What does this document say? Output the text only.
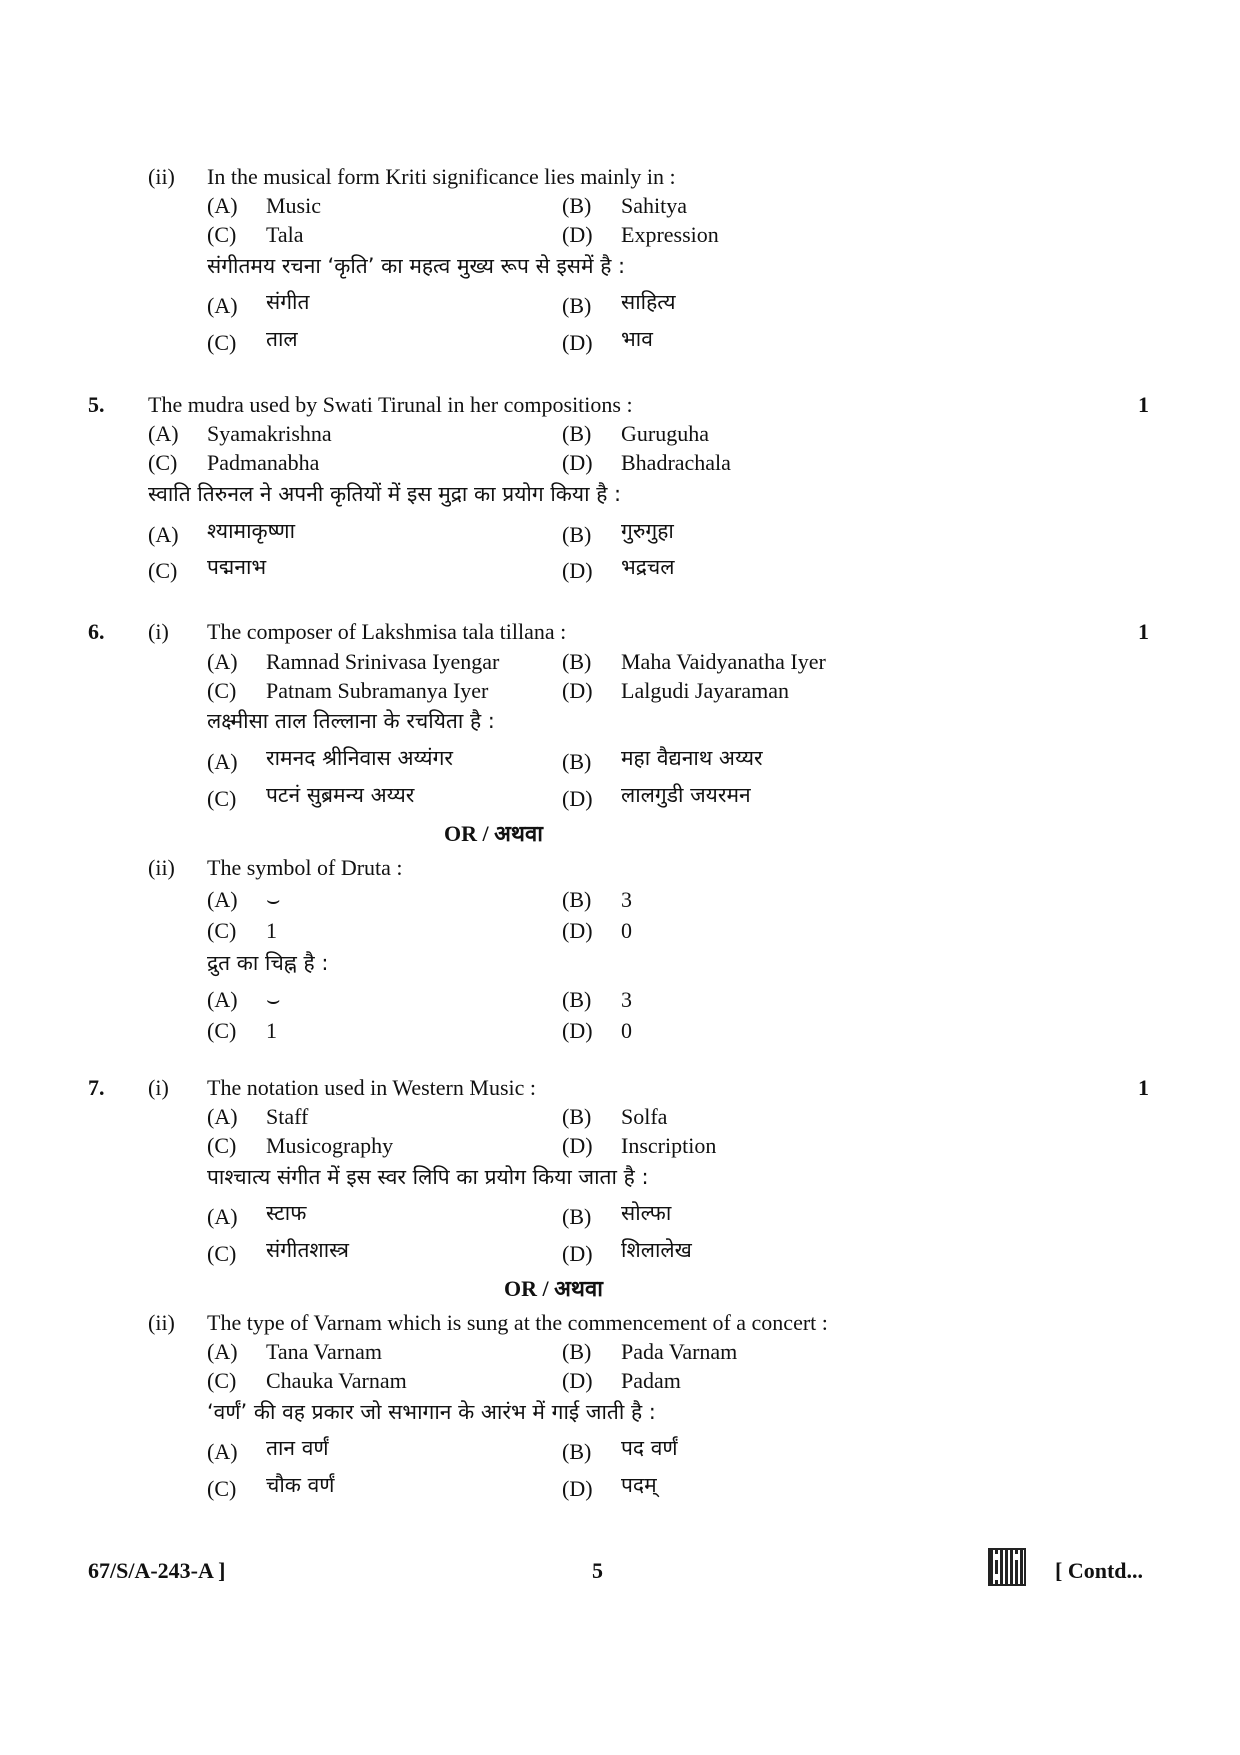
(ii) In the musical form Kriti significance lies mainly in :
(A) Music	(B) Sahitya
(C) Tala	(D) Expression
संगीतमय रचना ‘कृति’ का महत्व मुख्य रूप से इसमें है :
(A) संगीत	(B) साहित्य
(C) ताल	(D) भाव
5. The mudra used by Swati Tirunal in her compositions :	1
(A) Syamakrishna	(B) Guruguha
(C) Padmanabha	(D) Bhadrachala
स्वाति तिरुनल ने अपनी कृतियों में इस मुद्रा का प्रयोग किया है :
(A) श्यामाकृष्णा	(B) गुरुगुहा
(C) पद्मनाभ	(D) भद्रचल
6. (i) The composer of Lakshmisa tala tillana :	1
(A) Ramnad Srinivasa Iyengar	(B) Maha Vaidyanatha Iyer
(C) Patnam Subramanya Iyer	(D) Lalgudi Jayaraman
लक्ष्मीसा ताल तिल्लाना के रचयिता है :
(A) रामनद श्रीनिवास अय्यंगर	(B) महा वैद्यनाथ अय्यर
(C) पटनं सुब्रमन्य अय्यर	(D) लालगुडी जयरमन
OR / अथवा
(ii) The symbol of Druta :
(A) ⌣	(B) 3
(C) 1	(D) 0
द्रुत का चिह्न है :
(A) ⌣	(B) 3
(C) 1	(D) 0
7. (i) The notation used in Western Music :	1
(A) Staff	(B) Solfa
(C) Musicography	(D) Inscription
पाश्चात्य संगीत में इस स्वर लिपि का प्रयोग किया जाता है :
(A) स्टाफ	(B) सोल्फा
(C) संगीतशास्त्र	(D) शिलालेख
OR / अथवा
(ii) The type of Varnam which is sung at the commencement of a concert :
(A) Tana Varnam	(B) Pada Varnam
(C) Chauka Varnam	(D) Padam
‘वर्णं’ की वह प्रकार जो सभागान के आरंभ में गाई जाती है :
(A) तान वर्णं	(B) पद वर्णं
(C) चौक वर्णं	(D) पदम्
67/S/A-243-A ]	5	[ Contd...
